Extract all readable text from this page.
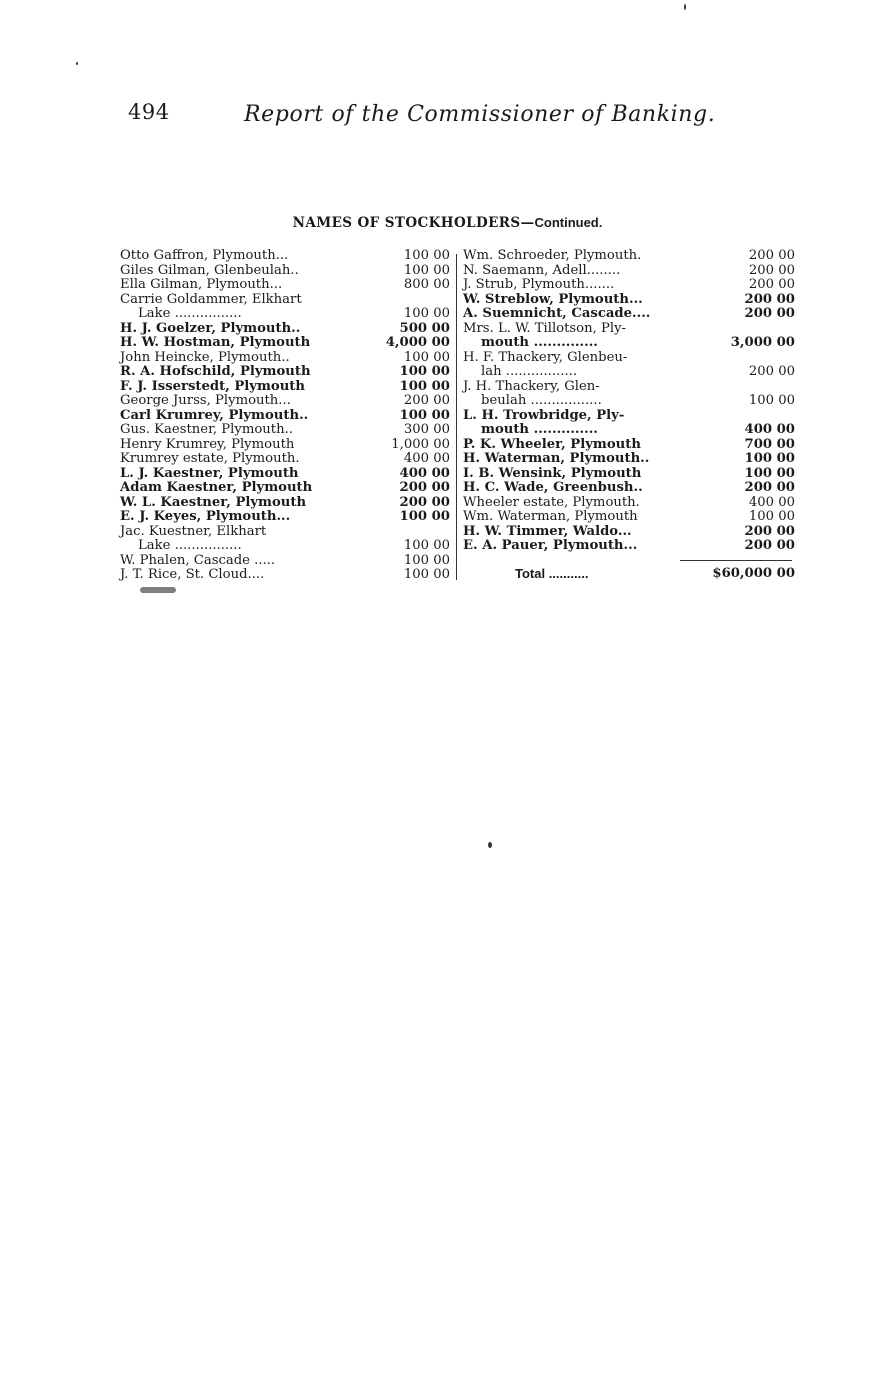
494	Report of the Commissioner of Banking.
NAMES OF STOCKHOLDERS—Continued.
Otto Gaffron, Plymouth...	100 00
Giles Gilman, Glenbeulah..	100 00
Ella Gilman, Plymouth...	800 00
Carrie Goldammer, Elkhart
Lake ................	100 00
H. J. Goelzer, Plymouth..	500 00
H. W. Hostman, Plymouth	4,000 00
John Heincke, Plymouth..	100 00
R. A. Hofschild, Plymouth	100 00
F. J. Isserstedt, Plymouth	100 00
George Jurss, Plymouth...	200 00
Carl Krumrey, Plymouth..	100 00
Gus. Kaestner, Plymouth..	300 00
Henry Krumrey, Plymouth	1,000 00
Krumrey estate, Plymouth.	400 00
L. J. Kaestner, Plymouth	400 00
Adam Kaestner, Plymouth	200 00
W. L. Kaestner, Plymouth	200 00
E. J. Keyes, Plymouth...	100 00
Jac. Kuestner, Elkhart
Lake ................	100 00
W. Phalen, Cascade .....	100 00
J. T. Rice, St. Cloud....	100 00
Wm. Schroeder, Plymouth.	200 00
N. Saemann, Adell........	200 00
J. Strub, Plymouth.......	200 00
W. Streblow, Plymouth...	200 00
A. Suemnicht, Cascade....	200 00
Mrs. L. W. Tillotson, Ply-
mouth ..............	3,000 00
H. F. Thackery, Glenbeu-
lah .................	200 00
J. H. Thackery, Glen-
beulah .................	100 00
L. H. Trowbridge, Ply-
mouth ..............	400 00
P. K. Wheeler, Plymouth	700 00
H. Waterman, Plymouth..	100 00
I. B. Wensink, Plymouth	100 00
H. C. Wade, Greenbush..	200 00
Wheeler estate, Plymouth.	400 00
Wm. Waterman, Plymouth	100 00
H. W. Timmer, Waldo...	200 00
E. A. Pauer, Plymouth...	200 00
Total ...........	$60,000 00
